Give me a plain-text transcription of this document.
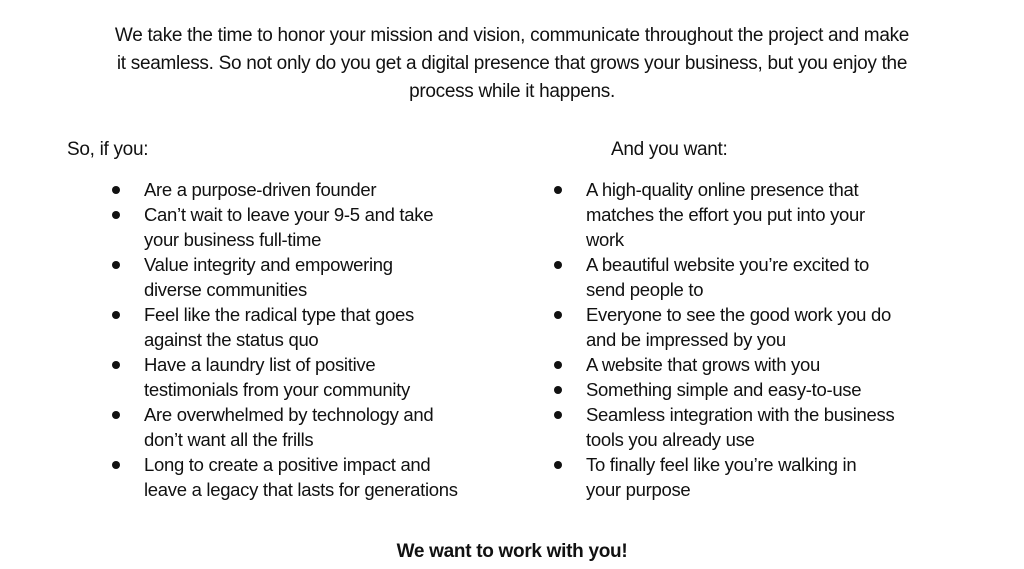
We take the time to honor your mission and vision, communicate throughout the project and make
it seamless. So not only do you get a digital presence that grows your business, but you enjoy the
process while it happens.
So, if you:	And you want:
Are a purpose-driven founder
Can’t wait to leave your 9-5 and take
your business full-time
Value integrity and empowering
diverse communities
Feel like the radical type that goes
against the status quo
Have a laundry list of positive
testimonials from your community
Are overwhelmed by technology and
don’t want all the frills
Long to create a positive impact and
leave a legacy that lasts for generations
A high-quality online presence that
matches the effort you put into your
work
A beautiful website you’re excited to
send people to
Everyone to see the good work you do
and be impressed by you
A website that grows with you
Something simple and easy-to-use
Seamless integration with the business
tools you already use
To finally feel like you’re walking in
your purpose
We want to work with you!
